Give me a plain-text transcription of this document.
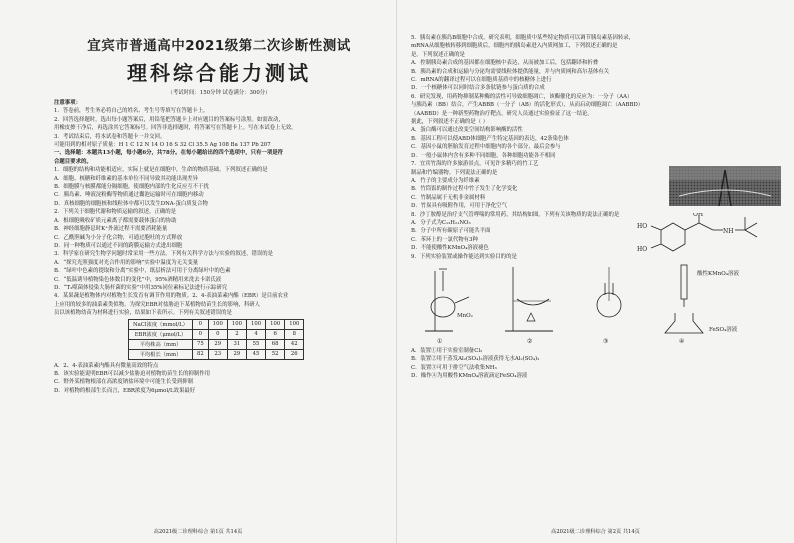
宜宾市普通高中2021级第二次诊断性测试
理科综合能力测试
（考试时间：150分钟 试卷满分：300分）
注意事项：
1．答卷前，考生务必将自己的姓名、考生号等填写在答题卡上。
2．回答选择题时，选出每小题答案后，用铅笔把答题卡上对应题目的答案标号涂黑。如需改动，
用橡皮擦干净后，再选涂其它答案标号。回答非选择题时，将答案写在答题卡上。写在本试卷上无效。
3．考试结束后，将本试卷和答题卡一并交回。
可能用到的相对原子质量：H 1 C 12 N 14 O 16 S 32 Cl 35.5 Ag 108 Ba 137 Pb 207
一、选择题：本题共13小题，每小题6分，共78分。在每小题给出的四个选项中，只有一项是符
合题目要求的。
1．细胞的结构和功能相适应，实际上就是在细胞中，生命的物质基础。下列叙述正确的是
A．细胞、核糖和纤维素的基本单位不同导致其功能出现差异
B．细胞膜与核膜都能分隔细胞，使细胞内部的生化反应互不干扰
C．胰岛素、唾液淀粉酶等物质通过囊泡运输时可在细胞内移动
D．真核细胞的细胞核和线粒体中都可以发生DNA-蛋白质复合物
2．下列关于细胞代谢和物质运输的叙述，正确的是
A．根细胞吸收矿质元素离子都需要载体蛋白的协助
B．神经细胞静息时K⁺外流过程不需要消耗能量
C．乙酰胆碱为小分子化合物，可通过胞吐的方式释放
D．同一种物质可以通过不同的跨膜运输方式进出细胞
3．科学家在研究生物学问题时常采用一些方法。下列有关科学方法与实验的叙述，错误的是
A．“探究光照强度对光合作用的影响”实验中温度为无关变量
B．“绿叶中色素的提取和分离”实验中，纸层析法可用于分离绿叶中的色素
C．“低温诱导植物染色体数目的变化”中，95%酒精用来洗去卡诺氏液
D．“T₂噬菌体侵染大肠杆菌的实验”中用35%同位素标记法进行示踪研究
4．某果蔬是植物体内对植物生长发育有调节作用的物质。2、4-表油菜素内酯（EBR）是目前农业
上应用的较多的油菜素类似物。为探究EBR对盐胁迫下某植物幼苗生长的影响，科研人
员以该植物幼苗为材料进行实验，结果如下表所示。下列有关叙述错误的是
NaCl浓度（mmol/L）	0	100	100	100	100	100
EBR浓度（μmol/L）	0	0	2	4	6	8
平均株高（mm）	75	29	31	55	68	42
平均根长（mm）	82	23	29	45	52	26
A．2、4-表油菜素内酯具有微量高效的特点
B．该实验能说明EBR可以减少盐胁迫对植物幼苗生长的抑制作用
C．野外某植物根部在高浓度钠盐环境中可能生长受到抑制
D．对植物的根部生长而言，EBR浓度为6μmol/L效果最好
高2021级二诊理科综合 第1页 共14页
5．胰岛素在胰岛B细胞中合成。研究表明，细胞质中某些特定物质可以调节胰岛素基因转录，
mRNA从细胞核转移到细胞质后，细胞内的胰岛素进入内质网加工，下列叙述正确的是
是。下列叙述正确的是
A．控制胰岛素合成的基因都在细胞核中表达，从而被加工后，包括翻译和折叠
B．胰岛素的合成和运输与分泌均需要线粒体提供能量，并与内质网和高尔基体有关
C．mRNA的翻译过程可以在细胞质基质中的核糖体上进行
D．一个核糖体可以同时结合多条肽链参与蛋白质的合成
6．研究发现，用药物抑制某种酶的活性可导致细胞凋亡，该酶催化的反应为：一分子（AA）
与胰岛素（BB）结合，产生ABBB（一分子（AB）的活化形式），从而启动细胞凋亡（AABBD）
（AABBD）是一种新型药物治疗靶点，研究人员通过实验验证了这一结论。
据此，下列叙述不正确的是（ ）
A．蛋白酶可以通过改变空间结构影响酶的活性
B．基因工程可以使ABD体细胞产生特定基因的表达，42条染色体
C．基因小鼠的胚胎发育过程中细胞内的各个部分，最后会参与
D．一般小鼠体内含有多种不同细胞，各种细胞功能各不相同
7．宜宾竹海的许多旅游景点，可见许多精巧的竹工艺
制品和竹编器物。下列说法正确的是
A．竹子的主要成分为纤维素
B．竹筒饭的制作过程中竹子发生了化学变化
C．竹制品属于无机非金属材料
D．竹炭具有吸附作用，可用于净化空气
8．沙丁胺醇是治疗支气管哮喘的常用药，其结构如图。下列有关该物质的说法正确的是
A．分子式为C₁₃H₂₁NO₃
B．分子中所有碳原子可能共平面
C．苯环上的一氯代物有3种
D．不能使酸性KMnO₄溶液褪色
HO
HO
OH
NH
9．下列实验装置或操作能达到实验目的的是
MnO₂
①	②	③
酸性KMnO₄溶液
FeSO₄溶液
④
A．装置①用于实验室制备Cl₂
B．装置②用于蒸发Al₂(SO₄)₃溶液获得无水Al₂(SO₄)₃
C．装置③可用于排空气法收集NH₃
D．操作④为用酸性KMnO₄溶液滴定FeSO₄溶液
高2021级二诊理科综合 第2页 共14页
